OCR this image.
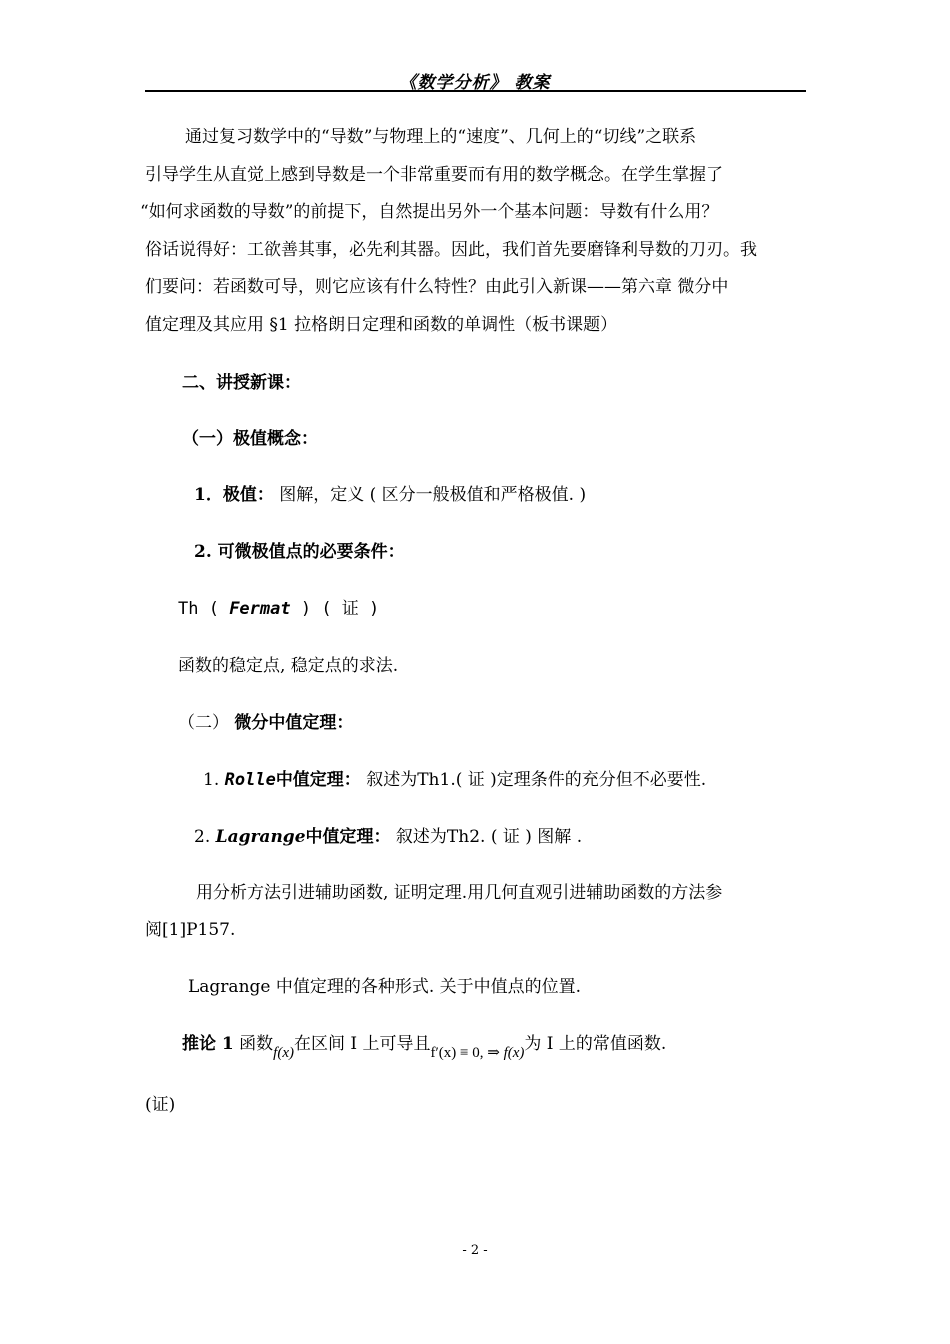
《数学分析》 教案
通过复习数学中的“导数”与物理上的“速度”、几何上的“切线”之联系
引导学生从直觉上感到导数是一个非常重要而有用的数学概念。在学生掌握了
“如何求函数的导数”的前提下，自然提出另外一个基本问题：导数有什么用？
俗话说得好：工欲善其事，必先利其器。因此，我们首先要磨锋利导数的刀刃。我
们要问：若函数可导，则它应该有什么特性？由此引入新课——第六章 微分中
值定理及其应用 §1 拉格朗日定理和函数的单调性（板书课题）
二、讲授新课：
（一）极值概念：
1．极值： 图解，定义 ( 区分一般极值和严格极值. )
2. 可微极值点的必要条件：
Th ( Fermat ) ( 证 )
函数的稳定点, 稳定点的求法.
（二） 微分中值定理：
1. Rolle中值定理： 叙述为Th1.( 证 )定理条件的充分但不必要性.
2. Lagrange中值定理： 叙述为Th2. ( 证 ) 图解 .
用分析方法引进辅助函数, 证明定理.用几何直观引进辅助函数的方法参
阅[1]P157.
Lagrange 中值定理的各种形式. 关于中值点的位置.
推论 1 函数f(x)在区间 I 上可导且f′(x) ≡ 0, ⇒ f(x)为 I 上的常值函数.
(证)
- 2 -
